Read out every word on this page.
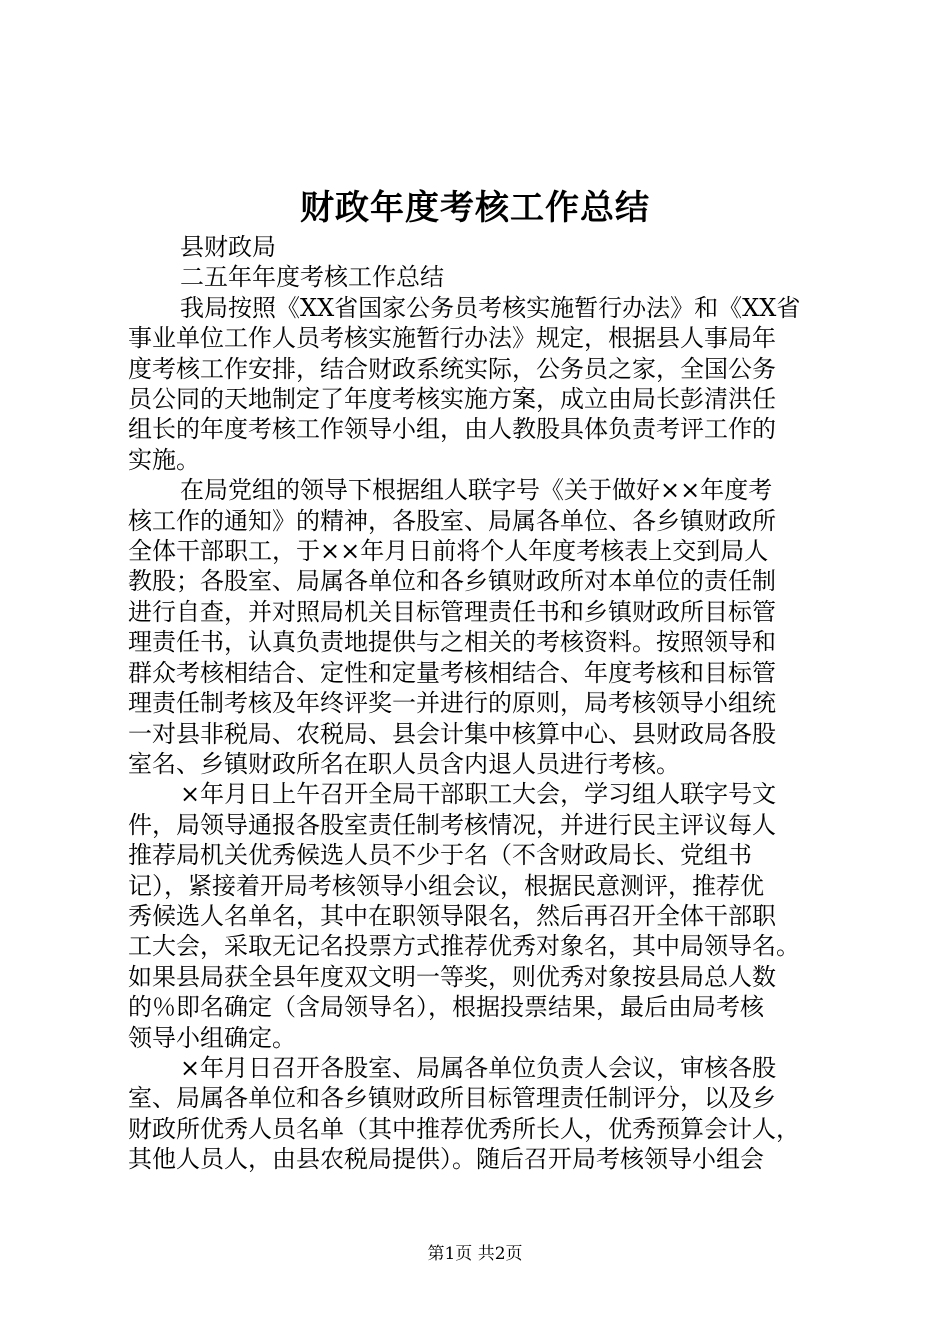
财政年度考核工作总结
县财政局
二五年年度考核工作总结
我局按照《XX省国家公务员考核实施暂行办法》和《XX省
事业单位工作人员考核实施暂行办法》规定，根据县人事局年
度考核工作安排，结合财政系统实际，公务员之家，全国公务
员公同的天地制定了年度考核实施方案，成立由局长彭清洪任
组长的年度考核工作领导小组，由人教股具体负责考评工作的
实施。
在局党组的领导下根据组人联字号《关于做好××年度考
核工作的通知》的精神，各股室、局属各单位、各乡镇财政所
全体干部职工，于××年月日前将个人年度考核表上交到局人
教股；各股室、局属各单位和各乡镇财政所对本单位的责任制
进行自查，并对照局机关目标管理责任书和乡镇财政所目标管
理责任书，认真负责地提供与之相关的考核资料。按照领导和
群众考核相结合、定性和定量考核相结合、年度考核和目标管
理责任制考核及年终评奖一并进行的原则，局考核领导小组统
一对县非税局、农税局、县会计集中核算中心、县财政局各股
室名、乡镇财政所名在职人员含内退人员进行考核。
×年月日上午召开全局干部职工大会，学习组人联字号文
件，局领导通报各股室责任制考核情况，并进行民主评议每人
推荐局机关优秀候选人员不少于名（不含财政局长、党组书
记），紧接着开局考核领导小组会议，根据民意测评，推荐优
秀候选人名单名，其中在职领导限名，然后再召开全体干部职
工大会，采取无记名投票方式推荐优秀对象名，其中局领导名。
如果县局获全县年度双文明一等奖，则优秀对象按县局总人数
的％即名确定（含局领导名），根据投票结果，最后由局考核
领导小组确定。
×年月日召开各股室、局属各单位负责人会议，审核各股
室、局属各单位和各乡镇财政所目标管理责任制评分，以及乡
财政所优秀人员名单（其中推荐优秀所长人，优秀预算会计人，
其他人员人，由县农税局提供）。随后召开局考核领导小组会
第1页 共2页
